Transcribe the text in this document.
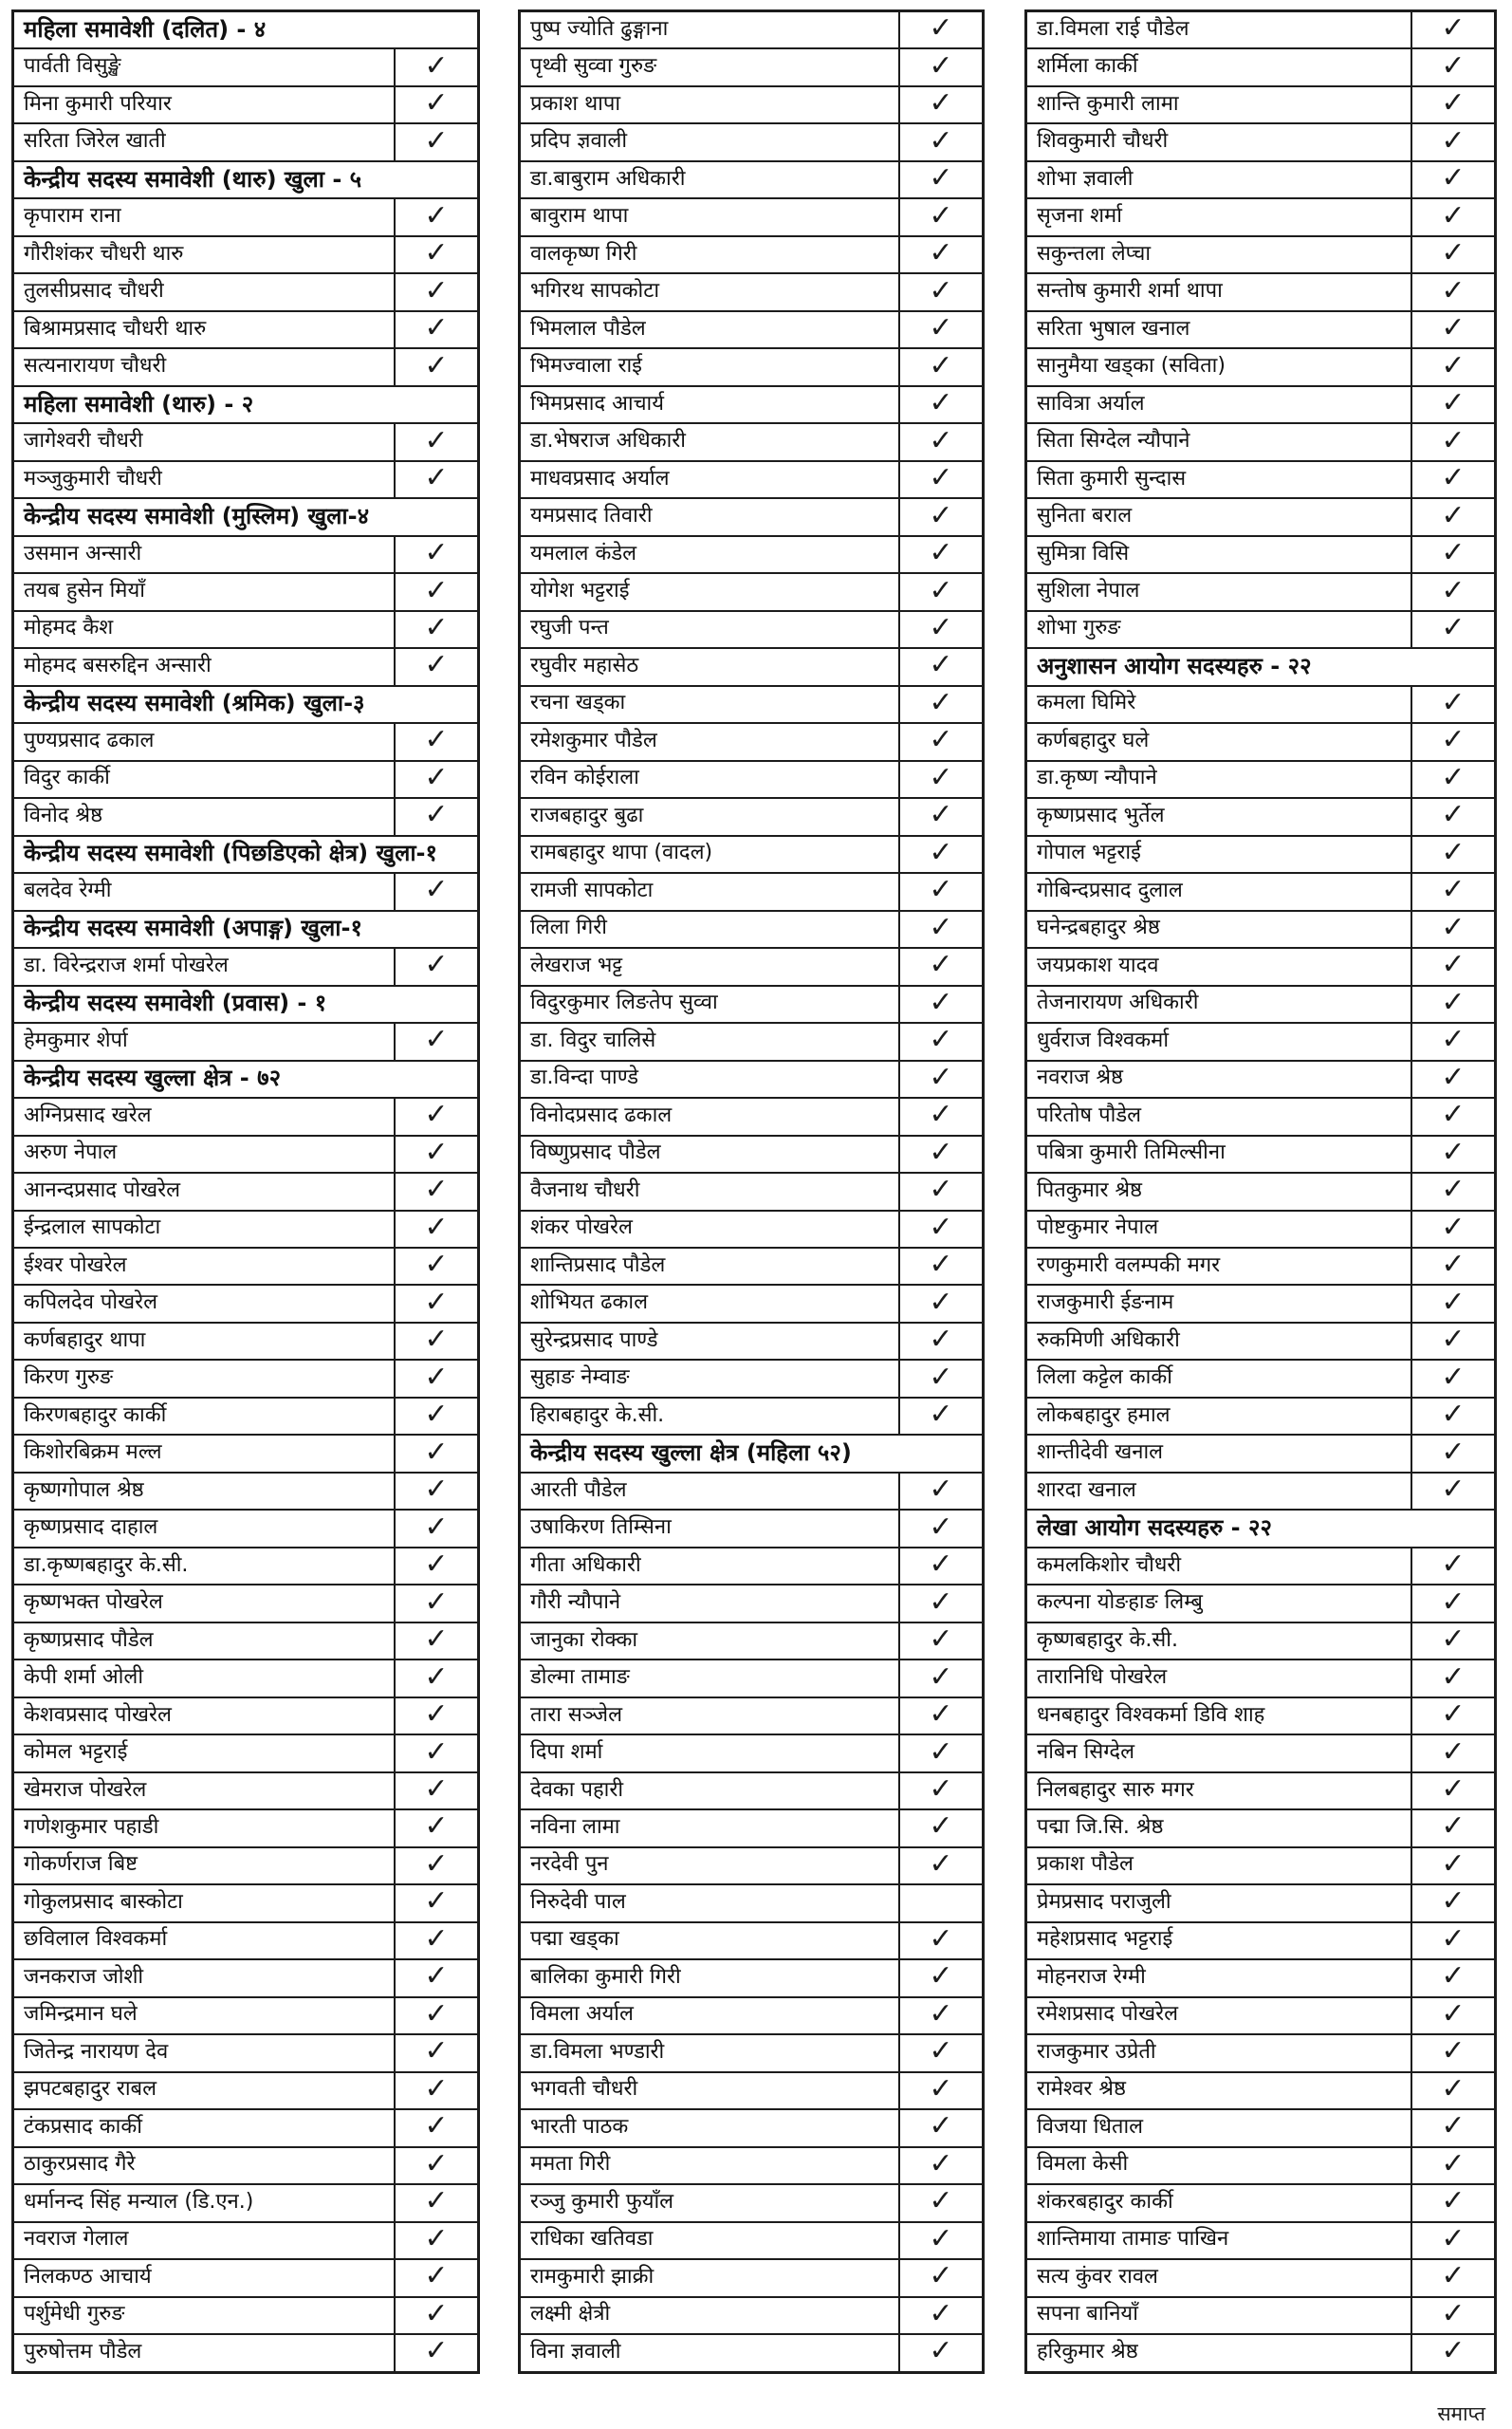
महिला समावेशी (दलित) - ४
पार्वती विसुङ्खे	✓
मिना कुमारी परियार	✓
सरिता जिरेल खाती	✓
केन्द्रीय सदस्य समावेशी (थारु) खुला - ५
कृपाराम राना	✓
गौरीशंकर चौधरी थारु	✓
तुलसीप्रसाद चौधरी	✓
बिश्रामप्रसाद चौधरी थारु	✓
सत्यनारायण चौधरी	✓
महिला समावेशी (थारु) - २
जागेश्वरी चौधरी	✓
मञ्जुकुमारी चौधरी	✓
केन्द्रीय सदस्य समावेशी (मुस्लिम) खुला-४
उसमान अन्सारी	✓
तयब हुसेन मियाँ	✓
मोहमद कैश	✓
मोहमद बसरुद्दिन अन्सारी	✓
केन्द्रीय सदस्य समावेशी (श्रमिक) खुला-३
पुण्यप्रसाद ढकाल	✓
विदुर कार्की	✓
विनोद श्रेष्ठ	✓
केन्द्रीय सदस्य समावेशी (पिछडिएको क्षेत्र) खुला-१
बलदेव रेग्मी	✓
केन्द्रीय सदस्य समावेशी (अपाङ्ग) खुला-१
डा. विरेन्द्रराज शर्मा पोखरेल	✓
केन्द्रीय सदस्य समावेशी (प्रवास) - १
हेमकुमार शेर्पा	✓
केन्द्रीय सदस्य खुल्ला क्षेत्र - ७२
अग्निप्रसाद खरेल	✓
अरुण नेपाल	✓
आनन्दप्रसाद पोखरेल	✓
ईन्द्रलाल सापकोटा	✓
ईश्वर पोखरेल	✓
कपिलदेव पोखरेल	✓
कर्णबहादुर थापा	✓
किरण गुरुङ	✓
किरणबहादुर कार्की	✓
किशोरबिक्रम मल्ल	✓
कृष्णगोपाल श्रेष्ठ	✓
कृष्णप्रसाद दाहाल	✓
डा.कृष्णबहादुर के.सी.	✓
कृष्णभक्त पोखरेल	✓
कृष्णप्रसाद पौडेल	✓
केपी शर्मा ओली	✓
केशवप्रसाद पोखरेल	✓
कोमल भट्टराई	✓
खेमराज पोखरेल	✓
गणेशकुमार पहाडी	✓
गोकर्णराज बिष्ट	✓
गोकुलप्रसाद बास्कोटा	✓
छविलाल विश्वकर्मा	✓
जनकराज जोशी	✓
जमिन्द्रमान घले	✓
जितेन्द्र नारायण देव	✓
झपटबहादुर राबल	✓
टंकप्रसाद कार्की	✓
ठाकुरप्रसाद गैरे	✓
धर्मानन्द सिंह मन्याल (डि.एन.)	✓
नवराज गेलाल	✓
निलकण्ठ आचार्य	✓
पर्शुमेधी गुरुङ	✓
पुरुषोत्तम पौडेल	✓
पुष्प ज्योति ढुङ्गाना	✓
पृथ्वी सुव्वा गुरुङ	✓
प्रकाश थापा	✓
प्रदिप ज्ञवाली	✓
डा.बाबुराम अधिकारी	✓
बावुराम थापा	✓
वालकृष्ण गिरी	✓
भगिरथ सापकोटा	✓
भिमलाल पौडेल	✓
भिमज्वाला राई	✓
भिमप्रसाद आचार्य	✓
डा.भेषराज अधिकारी	✓
माधवप्रसाद अर्याल	✓
यमप्रसाद तिवारी	✓
यमलाल कंडेल	✓
योगेश भट्टराई	✓
रघुजी पन्त	✓
रघुवीर महासेठ	✓
रचना खड्का	✓
रमेशकुमार पौडेल	✓
रविन कोईराला	✓
राजबहादुर बुढा	✓
रामबहादुर थापा (वादल)	✓
रामजी सापकोटा	✓
लिला गिरी	✓
लेखराज भट्ट	✓
विदुरकुमार लिङतेप सुव्वा	✓
डा. विदुर चालिसे	✓
डा.विन्दा पाण्डे	✓
विनोदप्रसाद ढकाल	✓
विष्णुप्रसाद पौडेल	✓
वैजनाथ चौधरी	✓
शंकर पोखरेल	✓
शान्तिप्रसाद पौडेल	✓
शोभियत ढकाल	✓
सुरेन्द्रप्रसाद पाण्डे	✓
सुहाङ नेम्वाङ	✓
हिराबहादुर के.सी.	✓
केन्द्रीय सदस्य खुल्ला क्षेत्र (महिला ५२)
आरती पौडेल	✓
उषाकिरण तिम्सिना	✓
गीता अधिकारी	✓
गौरी न्यौपाने	✓
जानुका रोक्का	✓
डोल्मा तामाङ	✓
तारा सञ्जेल	✓
दिपा शर्मा	✓
देवका पहारी	✓
नविना लामा	✓
नरदेवी पुन	✓
निरुदेवी पाल
पद्मा खड्का	✓
बालिका कुमारी गिरी	✓
विमला अर्याल	✓
डा.विमला भण्डारी	✓
भगवती चौधरी	✓
भारती पाठक	✓
ममता गिरी	✓
रञ्जु कुमारी फुयाँल	✓
राधिका खतिवडा	✓
रामकुमारी झाक्री	✓
लक्ष्मी क्षेत्री	✓
विना ज्ञवाली	✓
डा.विमला राई पौडेल	✓
शर्मिला कार्की	✓
शान्ति कुमारी लामा	✓
शिवकुमारी चौधरी	✓
शोभा ज्ञवाली	✓
सृजना शर्मा	✓
सकुन्तला लेप्चा	✓
सन्तोष कुमारी शर्मा थापा	✓
सरिता भुषाल खनाल	✓
सानुमैया खड्का (सविता)	✓
सावित्रा अर्याल	✓
सिता सिग्देल न्यौपाने	✓
सिता कुमारी सुन्दास	✓
सुनिता बराल	✓
सुमित्रा विसि	✓
सुशिला नेपाल	✓
शोभा गुरुङ	✓
अनुशासन आयोग सदस्यहरु - २२
कमला घिमिरे	✓
कर्णबहादुर घले	✓
डा.कृष्ण न्यौपाने	✓
कृष्णप्रसाद भुर्तेल	✓
गोपाल भट्टराई	✓
गोबिन्दप्रसाद दुलाल	✓
घनेन्द्रबहादुर श्रेष्ठ	✓
जयप्रकाश यादव	✓
तेजनारायण अधिकारी	✓
धुर्वराज विश्वकर्मा	✓
नवराज श्रेष्ठ	✓
परितोष पौडेल	✓
पबित्रा कुमारी तिमिल्सीना	✓
पितकुमार श्रेष्ठ	✓
पोष्टकुमार नेपाल	✓
रणकुमारी वलम्पकी मगर	✓
राजकुमारी ईङनाम	✓
रुकमिणी अधिकारी	✓
लिला कट्टेल कार्की	✓
लोकबहादुर हमाल	✓
शान्तीदेवी खनाल	✓
शारदा खनाल	✓
लेखा आयोग सदस्यहरु - २२
कमलकिशोर चौधरी	✓
कल्पना योङहाङ लिम्बु	✓
कृष्णबहादुर के.सी.	✓
तारानिधि पोखरेल	✓
धनबहादुर विश्वकर्मा डिवि शाह	✓
नबिन सिग्देल	✓
निलबहादुर सारु मगर	✓
पद्मा जि.सि. श्रेष्ठ	✓
प्रकाश पौडेल	✓
प्रेमप्रसाद पराजुली	✓
महेशप्रसाद भट्टराई	✓
मोहनराज रेग्मी	✓
रमेशप्रसाद पोखरेल	✓
राजकुमार उप्रेती	✓
रामेश्वर श्रेष्ठ	✓
विजया धिताल	✓
विमला केसी	✓
शंकरबहादुर कार्की	✓
शान्तिमाया तामाङ पाखिन	✓
सत्य कुंवर रावल	✓
सपना बानियाँ	✓
हरिकुमार श्रेष्ठ	✓
समाप्त
